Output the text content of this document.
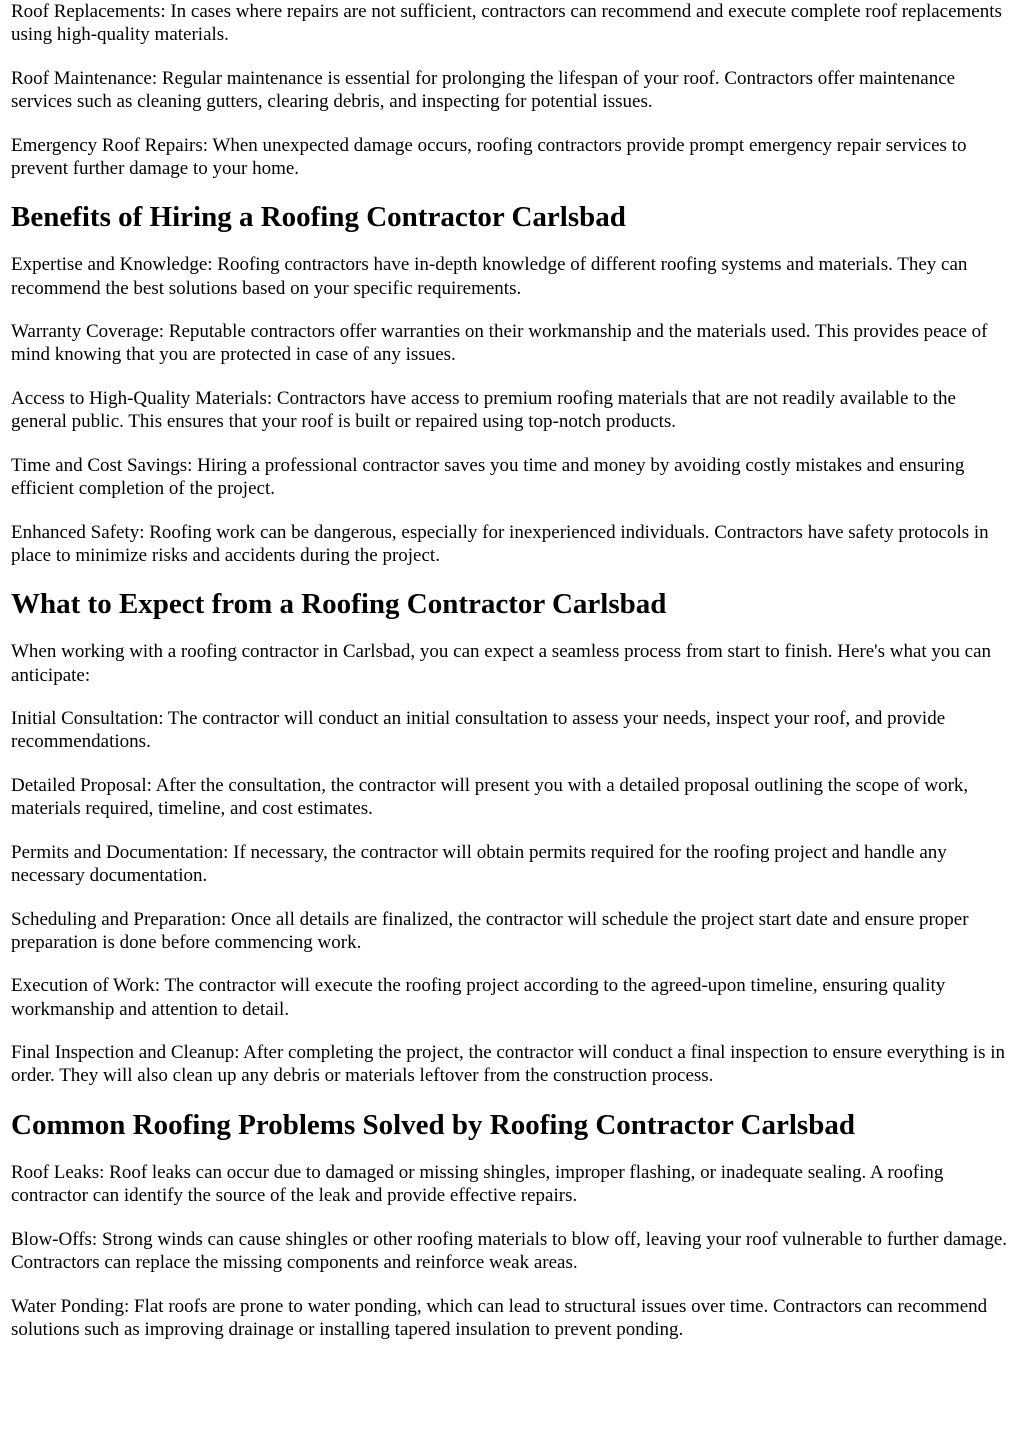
Roof Replacements: In cases where repairs are not sufficient, contractors can recommend and execute complete roof replacements using high-quality materials.

Roof Maintenance: Regular maintenance is essential for prolonging the lifespan of your roof. Contractors offer maintenance services such as cleaning gutters, clearing debris, and inspecting for potential issues.

Emergency Roof Repairs: When unexpected damage occurs, roofing contractors provide prompt emergency repair services to prevent further damage to your home.

Benefits of Hiring a Roofing Contractor Carlsbad

Expertise and Knowledge: Roofing contractors have in-depth knowledge of different roofing systems and materials. They can recommend the best solutions based on your specific requirements.

Warranty Coverage: Reputable contractors offer warranties on their workmanship and the materials used. This provides peace of mind knowing that you are protected in case of any issues.

Access to High-Quality Materials: Contractors have access to premium roofing materials that are not readily available to the general public. This ensures that your roof is built or repaired using top-notch products.

Time and Cost Savings: Hiring a professional contractor saves you time and money by avoiding costly mistakes and ensuring efficient completion of the project.

Enhanced Safety: Roofing work can be dangerous, especially for inexperienced individuals. Contractors have safety protocols in place to minimize risks and accidents during the project.

What to Expect from a Roofing Contractor Carlsbad

When working with a roofing contractor in Carlsbad, you can expect a seamless process from start to finish. Here's what you can anticipate:

Initial Consultation: The contractor will conduct an initial consultation to assess your needs, inspect your roof, and provide recommendations.

Detailed Proposal: After the consultation, the contractor will present you with a detailed proposal outlining the scope of work, materials required, timeline, and cost estimates.

Permits and Documentation: If necessary, the contractor will obtain permits required for the roofing project and handle any necessary documentation.

Scheduling and Preparation: Once all details are finalized, the contractor will schedule the project start date and ensure proper preparation is done before commencing work.

Execution of Work: The contractor will execute the roofing project according to the agreed-upon timeline, ensuring quality workmanship and attention to detail.

Final Inspection and Cleanup: After completing the project, the contractor will conduct a final inspection to ensure everything is in order. They will also clean up any debris or materials leftover from the construction process.

Common Roofing Problems Solved by Roofing Contractor Carlsbad

Roof Leaks: Roof leaks can occur due to damaged or missing shingles, improper flashing, or inadequate sealing. A roofing contractor can identify the source of the leak and provide effective repairs.

Blow-Offs: Strong winds can cause shingles or other roofing materials to blow off, leaving your roof vulnerable to further damage. Contractors can replace the missing components and reinforce weak areas.

Water Ponding: Flat roofs are prone to water ponding, which can lead to structural issues over time. Contractors can recommend solutions such as improving drainage or installing tapered insulation to prevent ponding.
